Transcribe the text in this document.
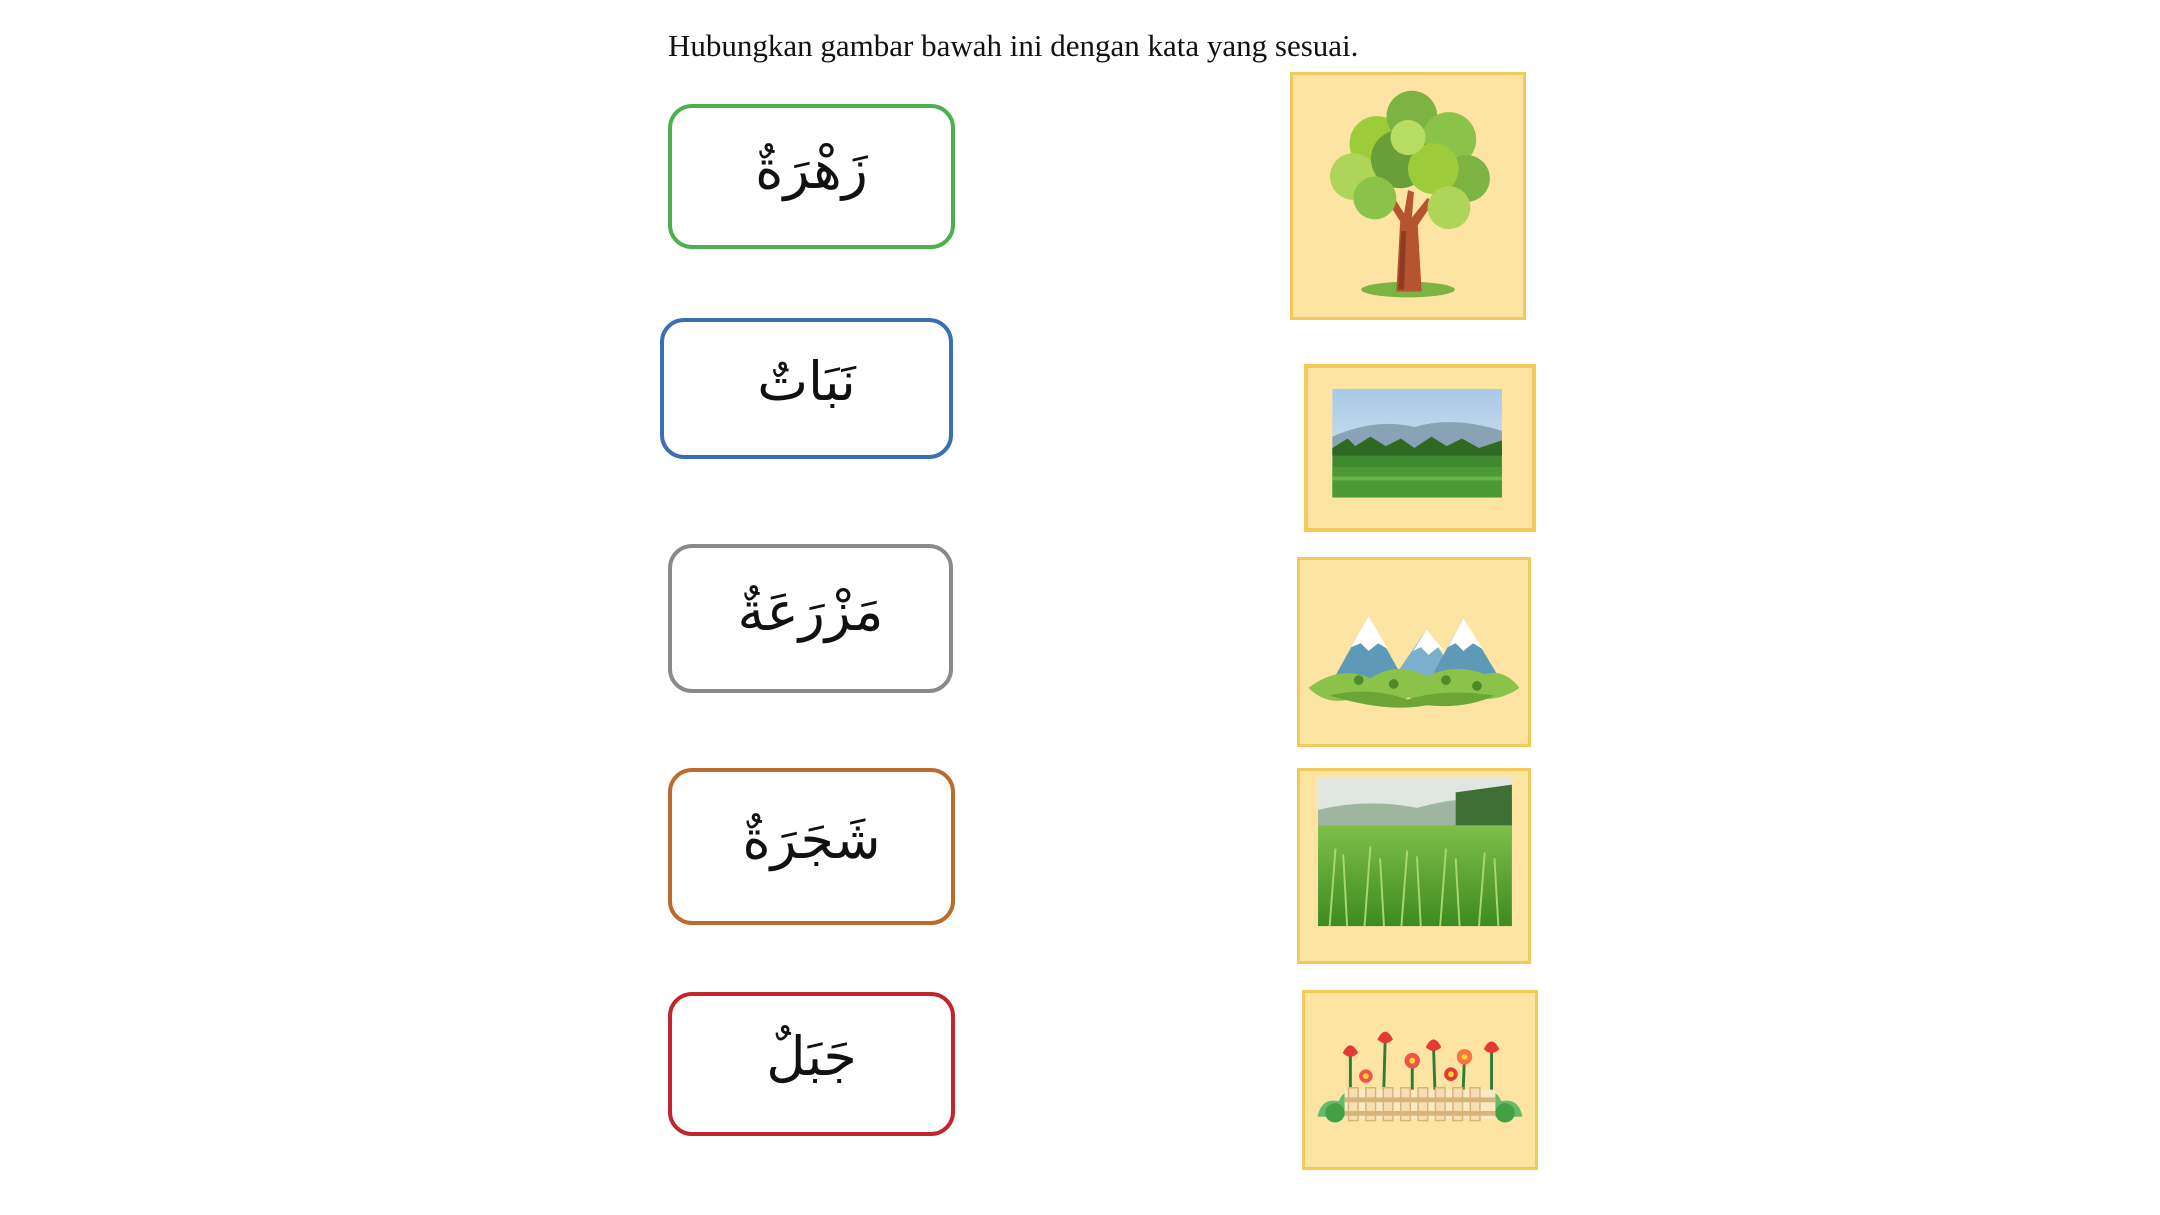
Hubungkan gambar bawah ini dengan kata yang sesuai.
زَهْرَةٌ
نَبَاتٌ
مَزْرَعَةٌ
شَجَرَةٌ
جَبَلٌ
